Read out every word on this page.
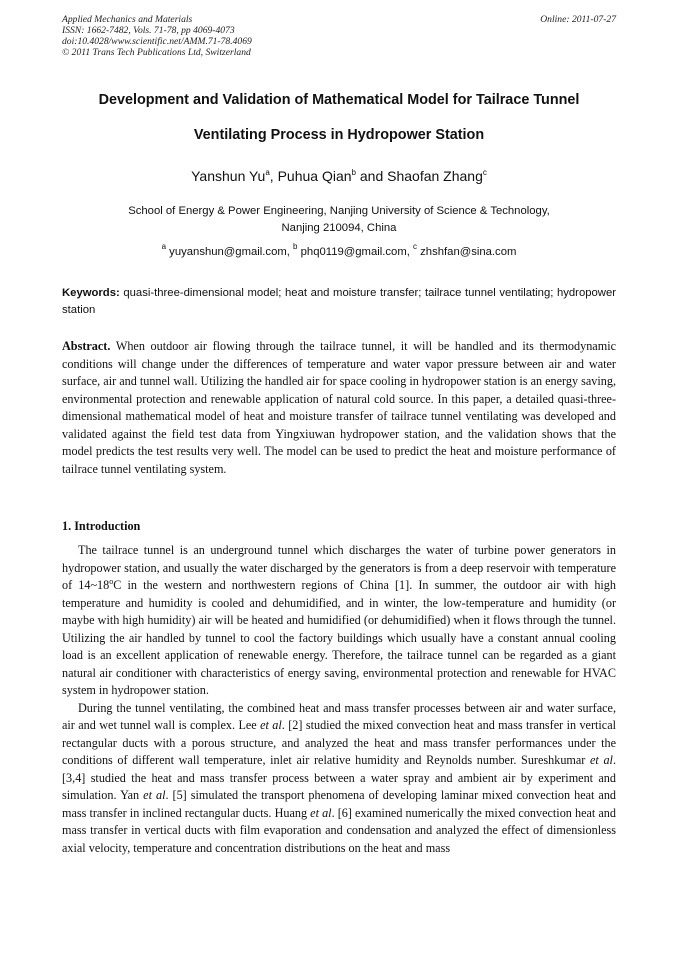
Applied Mechanics and Materials
ISSN: 1662-7482, Vols. 71-78, pp 4069-4073
doi:10.4028/www.scientific.net/AMM.71-78.4069
© 2011 Trans Tech Publications Ltd, Switzerland
Online: 2011-07-27
Development and Validation of Mathematical Model for Tailrace Tunnel
Ventilating Process in Hydropower Station
Yanshun Yu$^a$, Puhua Qian$^b$ and Shaofan Zhang$^c$
School of Energy & Power Engineering, Nanjing University of Science & Technology,
Nanjing 210094, China
$^a$ yuyanshun@gmail.com, $^b$ phq0119@gmail.com, $^c$ zhshfan@sina.com
Keywords: quasi-three-dimensional model; heat and moisture transfer; tailrace tunnel ventilating; hydropower station
Abstract. When outdoor air flowing through the tailrace tunnel, it will be handled and its thermodynamic conditions will change under the differences of temperature and water vapor pressure between air and water surface, air and tunnel wall. Utilizing the handled air for space cooling in hydropower station is an energy saving, environmental protection and renewable application of natural cold source. In this paper, a detailed quasi-three-dimensional mathematical model of heat and moisture transfer of tailrace tunnel ventilating was developed and validated against the field test data from Yingxiuwan hydropower station, and the validation shows that the model predicts the test results very well. The model can be used to predict the heat and moisture performance of tailrace tunnel ventilating system.
1. Introduction

The tailrace tunnel is an underground tunnel which discharges the water of turbine power generators in hydropower station, and usually the water discharged by the generators is from a deep reservoir with temperature of 14~18$^o$C in the western and northwestern regions of China [1]. In summer, the outdoor air with high temperature and humidity is cooled and dehumidified, and in winter, the low-temperature and humidity (or maybe with high humidity) air will be heated and humidified (or dehumidified) when it flows through the tunnel. Utilizing the air handled by tunnel to cool the factory buildings which usually have a constant annual cooling load is an excellent application of renewable energy. Therefore, the tailrace tunnel can be regarded as a giant natural air conditioner with characteristics of energy saving, environmental protection and renewable for HVAC system in hydropower station.

During the tunnel ventilating, the combined heat and mass transfer processes between air and water surface, air and wet tunnel wall is complex. Lee et al. [2] studied the mixed convection heat and mass transfer in vertical rectangular ducts with a porous structure, and analyzed the heat and mass transfer performances under the conditions of different wall temperature, inlet air relative humidity and Reynolds number. Sureshkumar et al. [3,4] studied the heat and mass transfer process between a water spray and ambient air by experiment and simulation. Yan et al. [5] simulated the transport phenomena of developing laminar mixed convection heat and mass transfer in inclined rectangular ducts. Huang et al. [6] examined numerically the mixed convection heat and mass transfer in vertical ducts with film evaporation and condensation and analyzed the effect of dimensionless axial velocity, temperature and concentration distributions on the heat and mass
